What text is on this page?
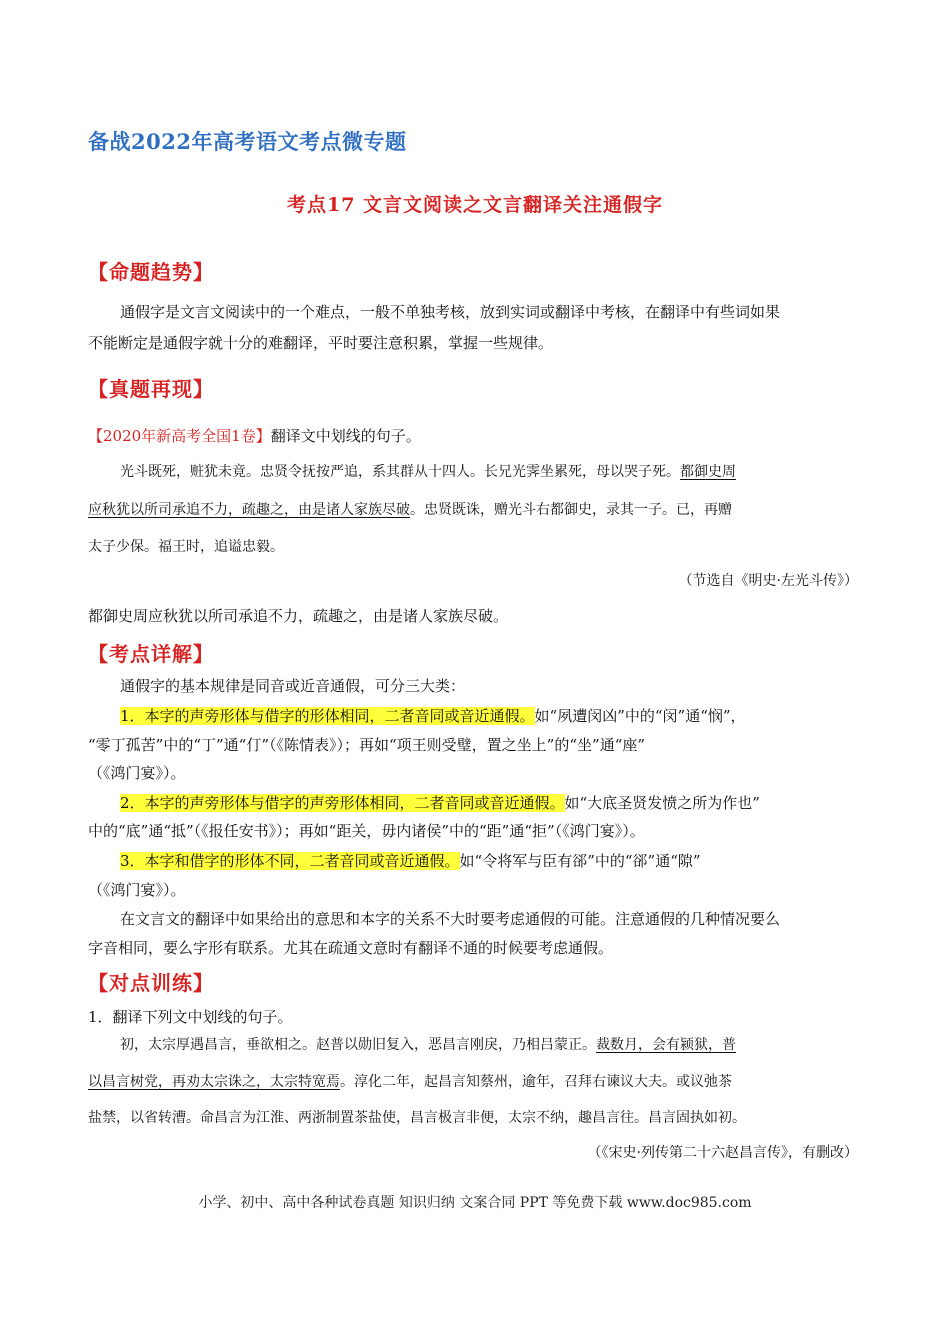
备战2022年高考语文考点微专题
考点17 文言文阅读之文言翻译关注通假字
【命题趋势】
通假字是文言文阅读中的一个难点，一般不单独考核，放到实词或翻译中考核，在翻译中有些词如果
不能断定是通假字就十分的难翻译，平时要注意积累，掌握一些规律。
【真题再现】
【2020年新高考全国1卷】翻译文中划线的句子。
光斗既死，赃犹未竟。忠贤令抚按严追，系其群从十四人。长兄光霁坐累死，母以哭子死。都御史周
应秋犹以所司承追不力，疏趣之，由是诸人家族尽破。忠贤既诛，赠光斗右都御史，录其一子。已，再赠
太子少保。福王时，追谥忠毅。
（节选自《明史·左光斗传》）
都御史周应秋犹以所司承追不力，疏趣之，由是诸人家族尽破。
【考点详解】
通假字的基本规律是同音或近音通假，可分三大类：
1．本字的声旁形体与借字的形体相同，二者音同或音近通假。如“夙遭闵凶”中的“闵”通“悯”，
“零丁孤苦”中的“丁”通“仃”（《陈情表》）；再如“项王则受璧，置之坐上”的“坐”通“座”
（《鸿门宴》）。
2．本字的声旁形体与借字的声旁形体相同，二者音同或音近通假。如“大底圣贤发愤之所为作也”
中的“底”通“抵”（《报任安书》）；再如“距关，毋内诸侯”中的“距”通“拒”（《鸿门宴》）。
3．本字和借字的形体不同，二者音同或音近通假。如“令将军与臣有郤”中的“郤”通“隙”
（《鸿门宴》）。
在文言文的翻译中如果给出的意思和本字的关系不大时要考虑通假的可能。注意通假的几种情况要么
字音相同，要么字形有联系。尤其在疏通文意时有翻译不通的时候要考虑通假。
【对点训练】
1．翻译下列文中划线的句子。
初，太宗厚遇昌言，垂欲相之。赵普以勋旧复入，恶昌言刚戾，乃相吕蒙正。裁数月，会有颍狱，普
以昌言树党，再劝太宗诛之，太宗特宽焉。淳化二年，起昌言知蔡州，逾年，召拜右谏议大夫。或议弛茶
盐禁，以省转漕。命昌言为江淮、两浙制置茶盐使，昌言极言非便，太宗不纳，趣昌言往。昌言固执如初。
（《宋史·列传第二十六赵昌言传》，有删改）
小学、初中、高中各种试卷真题 知识归纳 文案合同 PPT 等免费下载 www.doc985.com
